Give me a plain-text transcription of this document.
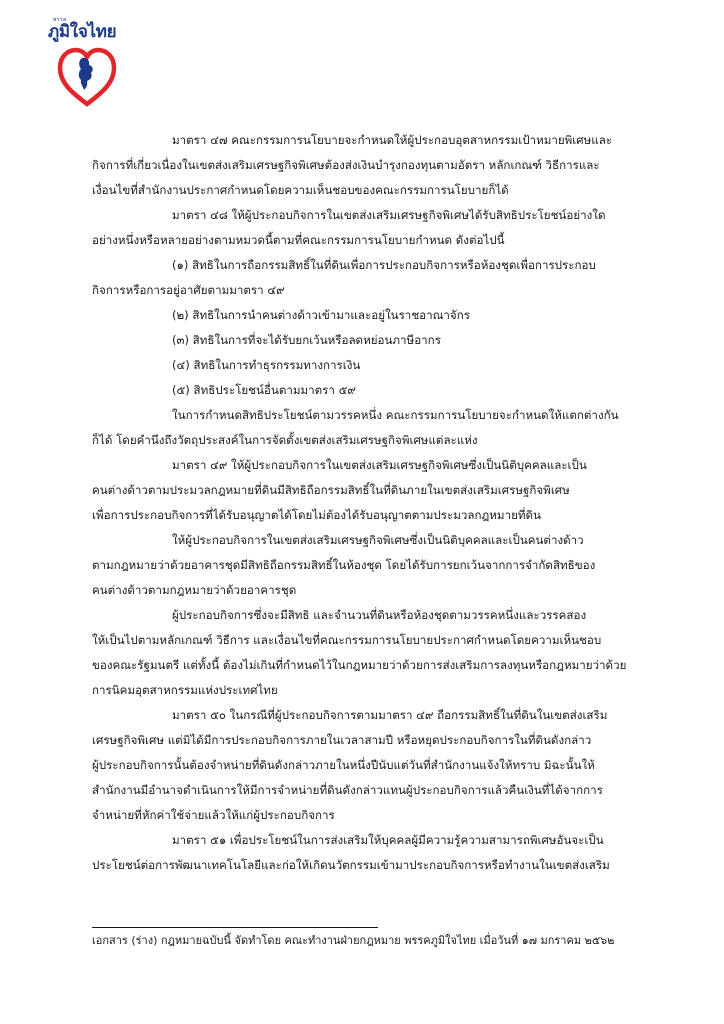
พรรค
ภูมิใจไทย

มาตรา ๔๗ คณะกรรมการนโยบายจะกำหนดให้ผู้ประกอบอุตสาหกรรมเป้าหมายพิเศษและ

กิจการที่เกี่ยวเนื่องในเขตส่งเสริมเศรษฐกิจพิเศษต้องส่งเงินบำรุงกองทุนตามอัตรา หลักเกณฑ์ วิธีการและ

เงื่อนไขที่สำนักงานประกาศกำหนดโดยความเห็นชอบของคณะกรรมการนโยบายก็ได้

มาตรา ๔๘ ให้ผู้ประกอบกิจการในเขตส่งเสริมเศรษฐกิจพิเศษได้รับสิทธิประโยชน์อย่างใด

อย่างหนึ่งหรือหลายอย่างตามหมวดนี้ตามที่คณะกรรมการนโยบายกำหนด ดังต่อไปนี้

(๑) สิทธิในการถือกรรมสิทธิ์ในที่ดินเพื่อการประกอบกิจการหรือห้องชุดเพื่อการประกอบ

กิจการหรือการอยู่อาศัยตามมาตรา ๔๙

(๒) สิทธิในการนำคนต่างด้าวเข้ามาและอยู่ในราชอาณาจักร

(๓) สิทธิในการที่จะได้รับยกเว้นหรือลดหย่อนภาษีอากร

(๔) สิทธิในการทำธุรกรรมทางการเงิน

(๕) สิทธิประโยชน์อื่นตามมาตรา ๕๙

ในการกำหนดสิทธิประโยชน์ตามวรรคหนึ่ง คณะกรรมการนโยบายจะกำหนดให้แตกต่างกัน

ก็ได้ โดยคำนึงถึงวัตถุประสงค์ในการจัดตั้งเขตส่งเสริมเศรษฐกิจพิเศษแต่ละแห่ง

มาตรา ๔๙ ให้ผู้ประกอบกิจการในเขตส่งเสริมเศรษฐกิจพิเศษซึ่งเป็นนิติบุคคลและเป็น

คนต่างด้าวตามประมวลกฎหมายที่ดินมีสิทธิถือกรรมสิทธิ์ในที่ดินภายในเขตส่งเสริมเศรษฐกิจพิเศษ

เพื่อการประกอบกิจการที่ได้รับอนุญาตได้โดยไม่ต้องได้รับอนุญาตตามประมวลกฎหมายที่ดิน

ให้ผู้ประกอบกิจการในเขตส่งเสริมเศรษฐกิจพิเศษซึ่งเป็นนิติบุคคลและเป็นคนต่างด้าว

ตามกฎหมายว่าด้วยอาคารชุดมีสิทธิถือกรรมสิทธิ์ในห้องชุด โดยได้รับการยกเว้นจากการจำกัดสิทธิของ

คนต่างด้าวตามกฎหมายว่าด้วยอาคารชุด

ผู้ประกอบกิจการซึ่งจะมีสิทธิ และจำนวนที่ดินหรือห้องชุดตามวรรคหนึ่งและวรรคสอง

ให้เป็นไปตามหลักเกณฑ์ วิธีการ และเงื่อนไขที่คณะกรรมการนโยบายประกาศกำหนดโดยความเห็นชอบ

ของคณะรัฐมนตรี แต่ทั้งนี้ ต้องไม่เกินที่กำหนดไว้ในกฎหมายว่าด้วยการส่งเสริมการลงทุนหรือกฎหมายว่าด้วย

การนิคมอุตสาหกรรมแห่งประเทศไทย

มาตรา ๕๐ ในกรณีที่ผู้ประกอบกิจการตามมาตรา ๔๙ ถือกรรมสิทธิ์ในที่ดินในเขตส่งเสริม

เศรษฐกิจพิเศษ แต่มิได้มีการประกอบกิจการภายในเวลาสามปี หรือหยุดประกอบกิจการในที่ดินดังกล่าว

ผู้ประกอบกิจการนั้นต้องจำหน่ายที่ดินดังกล่าวภายในหนึ่งปีนับแต่วันที่สำนักงานแจ้งให้ทราบ มิฉะนั้นให้

สำนักงานมีอำนาจดำเนินการให้มีการจำหน่ายที่ดินดังกล่าวแทนผู้ประกอบกิจการแล้วคืนเงินที่ได้จากการ

จำหน่ายที่หักค่าใช้จ่ายแล้วให้แก่ผู้ประกอบกิจการ

มาตรา ๕๑ เพื่อประโยชน์ในการส่งเสริมให้บุคคลผู้มีความรู้ความสามารถพิเศษอันจะเป็น

ประโยชน์ต่อการพัฒนาเทคโนโลยีและก่อให้เกิดนวัตกรรมเข้ามาประกอบกิจการหรือทำงานในเขตส่งเสริม

เอกสาร (ร่าง) กฎหมายฉบับนี้ จัดทำโดย คณะทำงานฝ่ายกฎหมาย พรรคภูมิใจไทย เมื่อวันที่ ๑๗ มกราคม ๒๕๖๒
